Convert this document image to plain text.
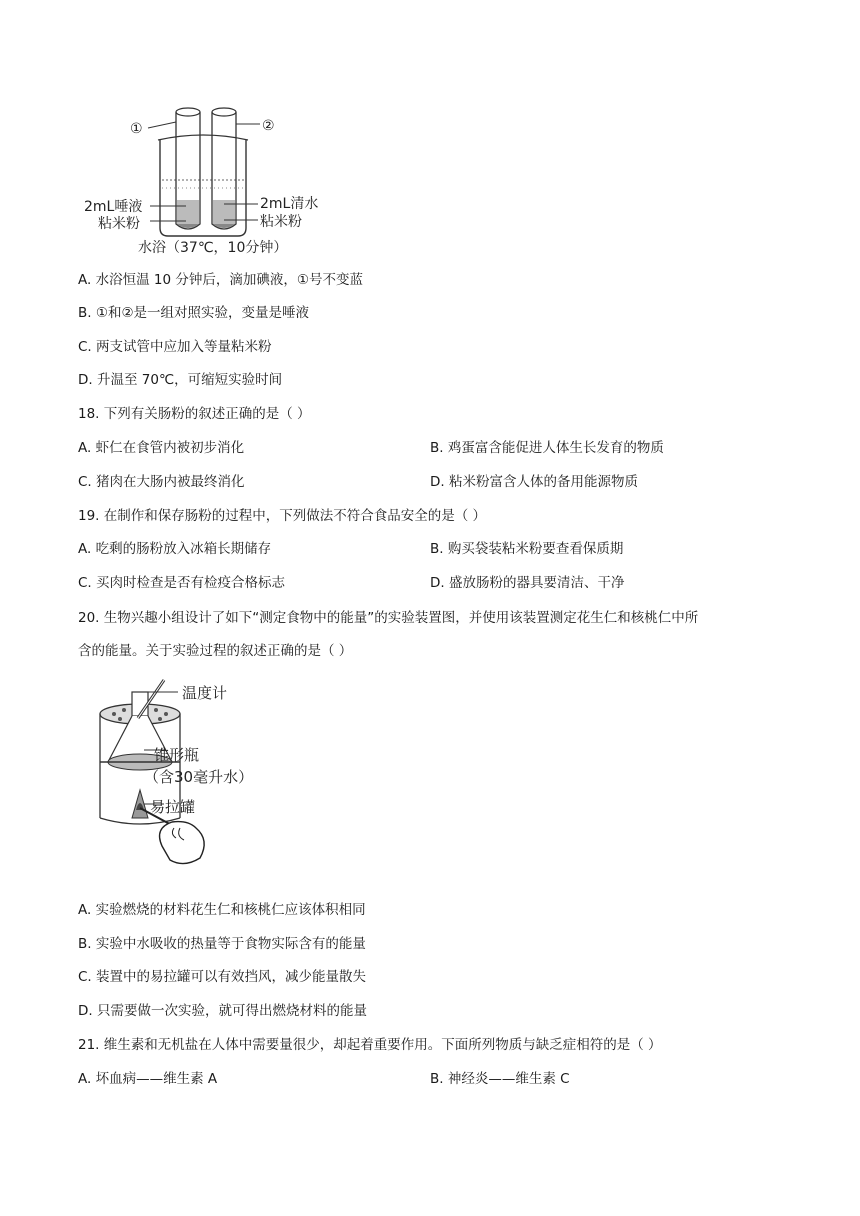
①	②
2mL唾液
粘米粉
2mL清水
粘米粉
水浴（37℃，10分钟）
A. 水浴恒温 10 分钟后，滴加碘液，①号不变蓝
B. ①和②是一组对照实验，变量是唾液
C. 两支试管中应加入等量粘米粉
D. 升温至 70℃，可缩短实验时间
18. 下列有关肠粉的叙述正确的是（ ）
A. 虾仁在食管内被初步消化	B. 鸡蛋富含能促进人体生长发育的物质
C. 猪肉在大肠内被最终消化	D. 粘米粉富含人体的备用能源物质
19. 在制作和保存肠粉的过程中，下列做法不符合食品安全的是（ ）
A. 吃剩的肠粉放入冰箱长期储存	B. 购买袋装粘米粉要查看保质期
C. 买肉时检查是否有检疫合格标志	D. 盛放肠粉的器具要清洁、干净
20. 生物兴趣小组设计了如下“测定食物中的能量”的实验装置图，并使用该装置测定花生仁和核桃仁中所
含的能量。关于实验过程的叙述正确的是（ ）
温度计
锥形瓶
（含30毫升水）
易拉罐
A. 实验燃烧的材料花生仁和核桃仁应该体积相同
B. 实验中水吸收的热量等于食物实际含有的能量
C. 装置中的易拉罐可以有效挡风，减少能量散失
D. 只需要做一次实验，就可得出燃烧材料的能量
21. 维生素和无机盐在人体中需要量很少，却起着重要作用。下面所列物质与缺乏症相符的是（ ）
A. 坏血病——维生素 A	B. 神经炎——维生素 C
